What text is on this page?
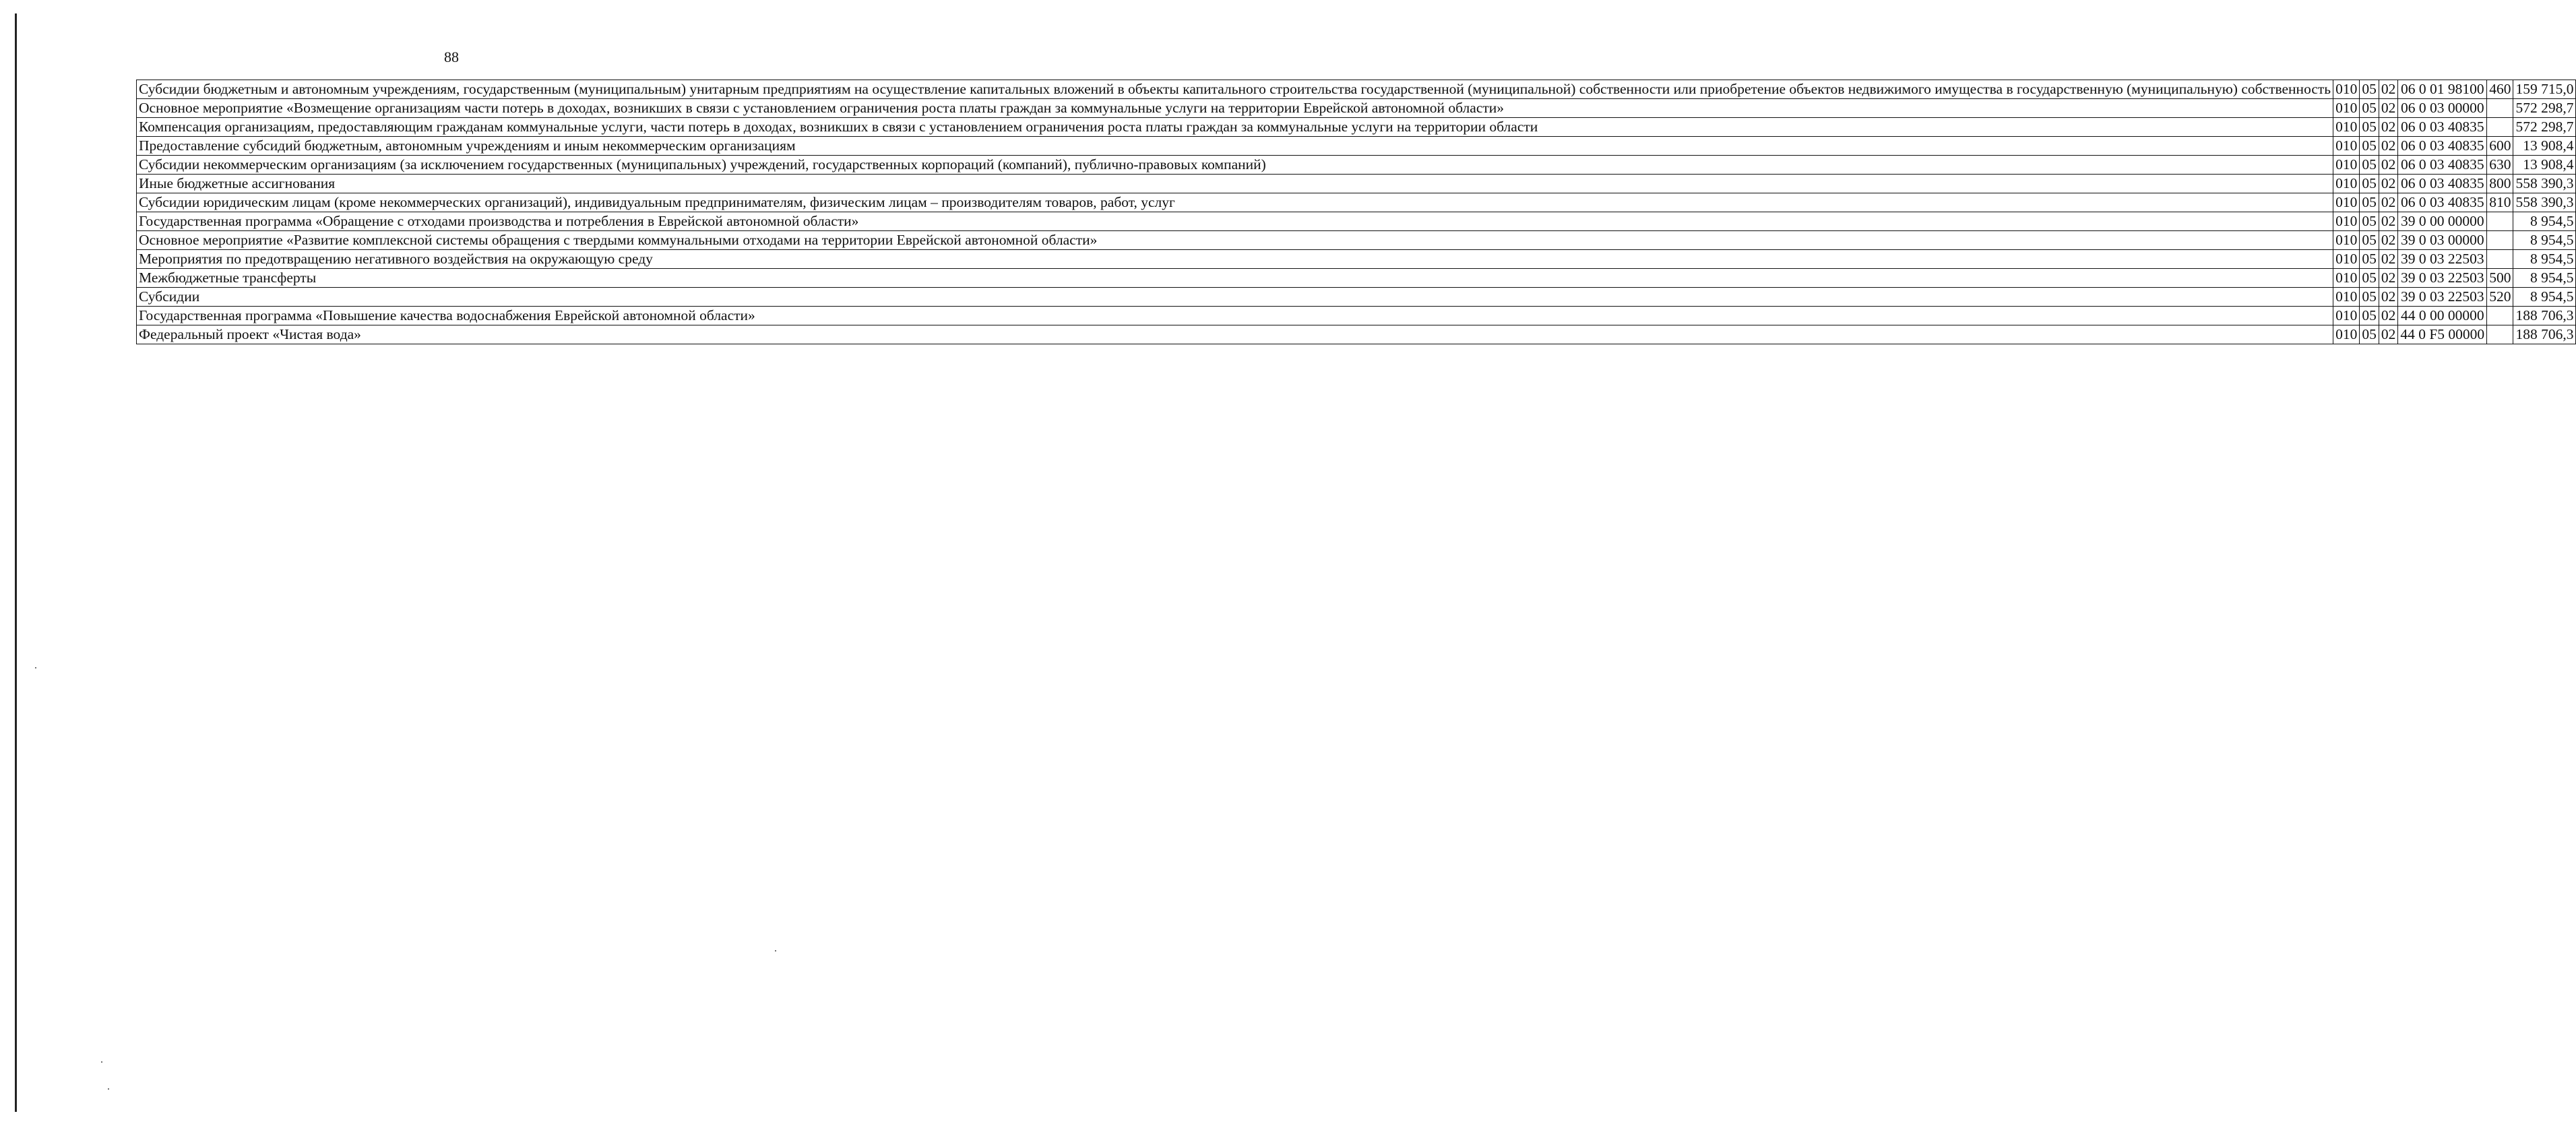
88
Субсидии бюджетным и автономным учреждениям, государственным (муниципальным) унитарным предприятиям на осуществление капитальных вложений в объекты капитального строительства государственной (муниципальной) собственности или приобретение объектов недвижимого имущества в государственную (муниципальную) собственность	010	05	02	06 0 01 98100	460	159 715,0
Основное мероприятие «Возмещение организациям части потерь в доходах, возникших в связи с установлением ограничения роста платы граждан за коммунальные услуги на территории Еврейской автономной области»	010	05	02	06 0 03 00000		572 298,7
Компенсация организациям, предоставляющим гражданам коммунальные услуги, части потерь в доходах, возникших в связи с установлением ограничения роста платы граждан за коммунальные услуги на территории области	010	05	02	06 0 03 40835		572 298,7
Предоставление субсидий бюджетным, автономным учреждениям и иным некоммерческим организациям	010	05	02	06 0 03 40835	600	13 908,4
Субсидии некоммерческим организациям (за исключением государственных (муниципальных) учреждений, государственных корпораций (компаний), публично-правовых компаний)	010	05	02	06 0 03 40835	630	13 908,4
Иные бюджетные ассигнования	010	05	02	06 0 03 40835	800	558 390,3
Субсидии юридическим лицам (кроме некоммерческих организаций), индивидуальным предпринимателям, физическим лицам – производителям товаров, работ, услуг	010	05	02	06 0 03 40835	810	558 390,3
Государственная программа «Обращение с отходами производства и потребления в Еврейской автономной области»	010	05	02	39 0 00 00000		8 954,5
Основное мероприятие «Развитие комплексной системы обращения с твердыми коммунальными отходами на территории Еврейской автономной области»	010	05	02	39 0 03 00000		8 954,5
Мероприятия по предотвращению негативного воздействия на окружающую среду	010	05	02	39 0 03 22503		8 954,5
Межбюджетные трансферты	010	05	02	39 0 03 22503	500	8 954,5
Субсидии	010	05	02	39 0 03 22503	520	8 954,5
Государственная программа «Повышение качества водоснабжения Еврейской автономной области»	010	05	02	44 0 00 00000		188 706,3
Федеральный проект «Чистая вода»	010	05	02	44 0 F5 00000		188 706,3
